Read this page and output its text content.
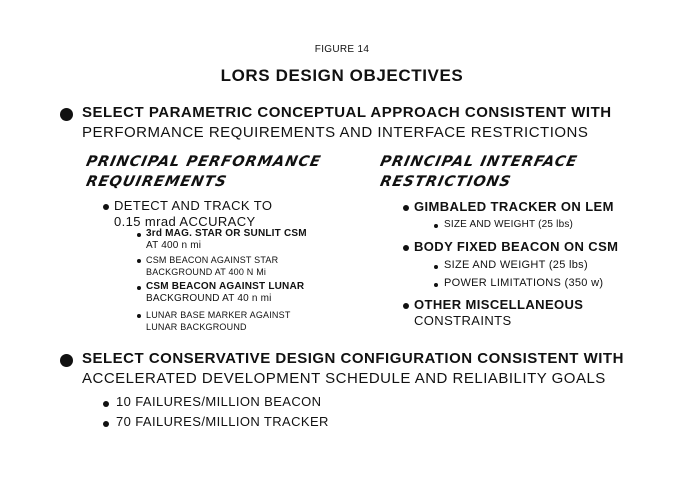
FIGURE 14
LORS DESIGN OBJECTIVES
SELECT PARAMETRIC CONCEPTUAL APPROACH CONSISTENT WITH
PERFORMANCE REQUIREMENTS AND INTERFACE RESTRICTIONS
PRINCIPAL PERFORMANCE
REQUIREMENTS
DETECT AND TRACK TO
0.15 mrad ACCURACY
3rd MAG. STAR OR SUNLIT CSM
AT 400 n mi
CSM BEACON AGAINST STAR
BACKGROUND AT 400 N Mi
CSM BEACON AGAINST LUNAR
BACKGROUND AT 40 n mi
LUNAR BASE MARKER AGAINST
LUNAR BACKGROUND
PRINCIPAL INTERFACE
RESTRICTIONS
GIMBALED TRACKER ON LEM
SIZE AND WEIGHT (25 lbs)
BODY FIXED BEACON ON CSM
SIZE AND WEIGHT (25 lbs)
POWER LIMITATIONS (350 w)
OTHER MISCELLANEOUS
CONSTRAINTS
SELECT CONSERVATIVE DESIGN CONFIGURATION CONSISTENT WITH
ACCELERATED DEVELOPMENT SCHEDULE AND RELIABILITY GOALS
10 FAILURES/MILLION BEACON
70 FAILURES/MILLION TRACKER
